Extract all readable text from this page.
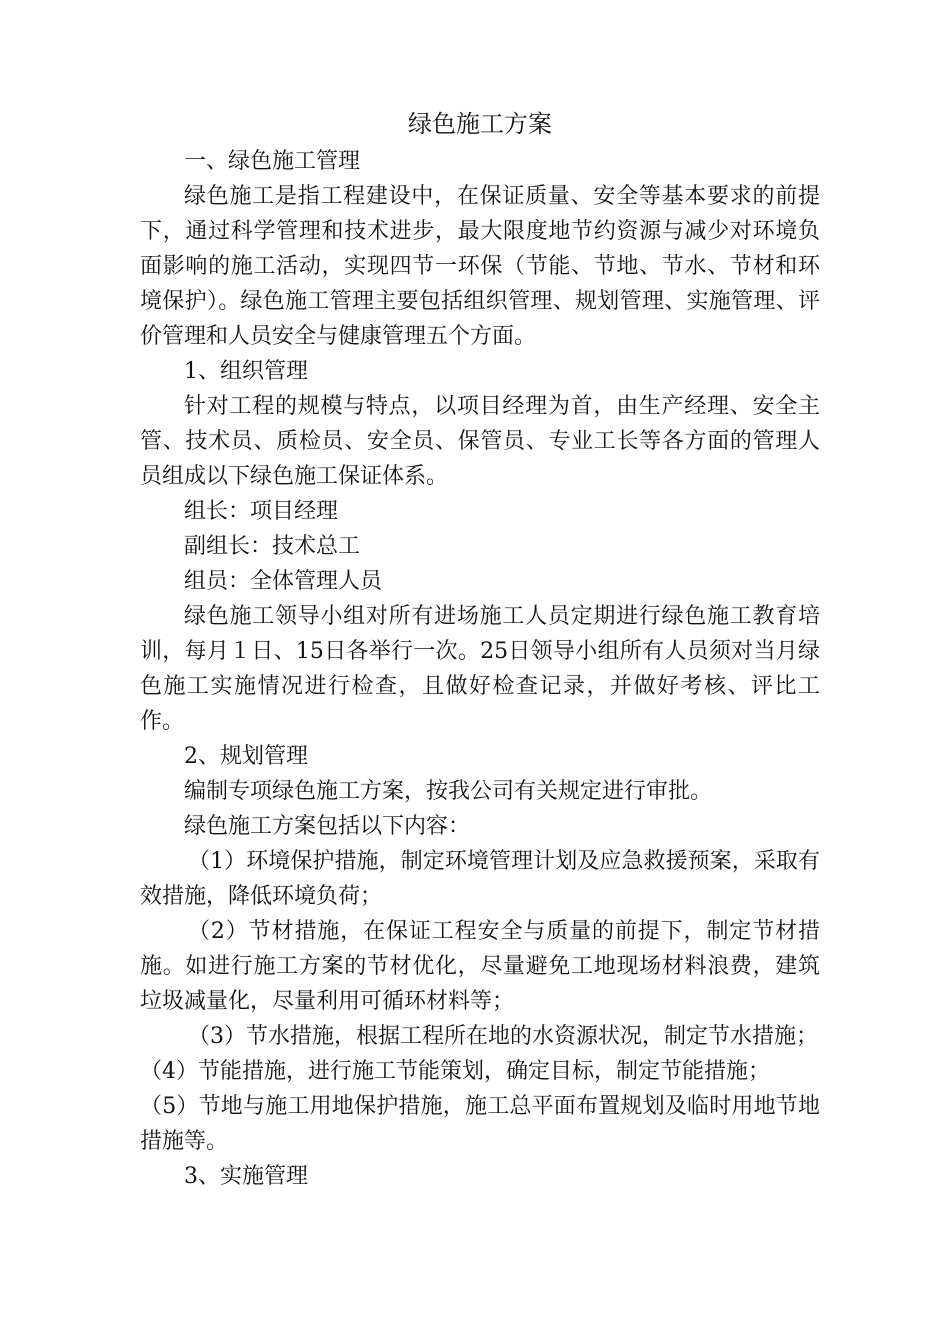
绿色施工方案

一、绿色施工管理

绿色施工是指工程建设中，在保证质量、安全等基本要求的前提下，通过科学管理和技术进步，最大限度地节约资源与减少对环境负面影响的施工活动，实现四节一环保（节能、节地、节水、节材和环境保护）。绿色施工管理主要包括组织管理、规划管理、实施管理、评价管理和人员安全与健康管理五个方面。

1、组织管理

针对工程的规模与特点，以项目经理为首，由生产经理、安全主管、技术员、质检员、安全员、保管员、专业工长等各方面的管理人员组成以下绿色施工保证体系。

组长：项目经理

副组长：技术总工

组员：全体管理人员

绿色施工领导小组对所有进场施工人员定期进行绿色施工教育培训，每月１日、15日各举行一次。25日领导小组所有人员须对当月绿色施工实施情况进行检查，且做好检查记录，并做好考核、评比工作。

2、规划管理

编制专项绿色施工方案，按我公司有关规定进行审批。

绿色施工方案包括以下内容：

（1）环境保护措施，制定环境管理计划及应急救援预案，采取有效措施，降低环境负荷；

（2）节材措施，在保证工程安全与质量的前提下，制定节材措施。如进行施工方案的节材优化，尽量避免工地现场材料浪费，建筑垃圾减量化，尽量利用可循环材料等；

（3）节水措施，根据工程所在地的水资源状况，制定节水措施；

（4）节能措施，进行施工节能策划，确定目标，制定节能措施；

（5）节地与施工用地保护措施，施工总平面布置规划及临时用地节地措施等。

3、实施管理
